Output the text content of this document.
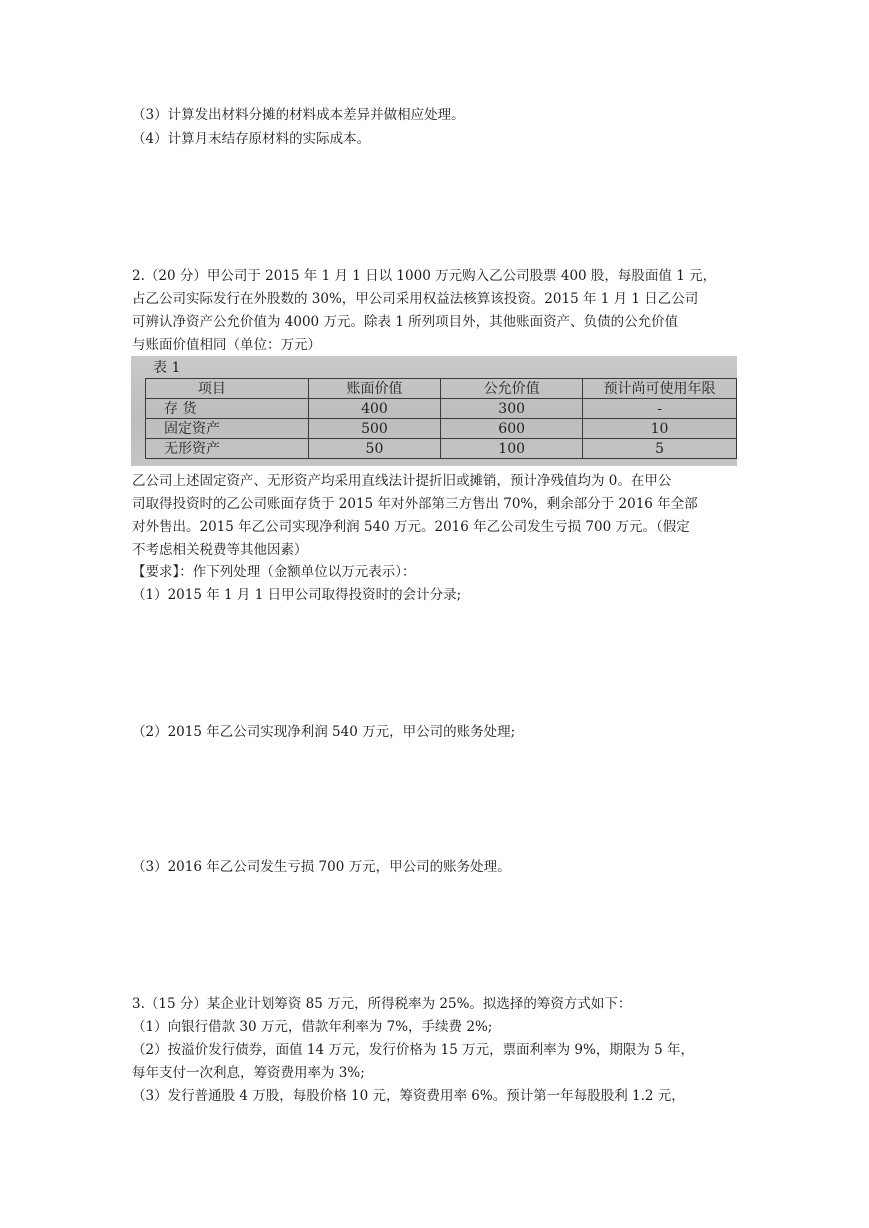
（3）计算发出材料分摊的材料成本差异并做相应处理。
（4）计算月末结存原材料的实际成本。
2.（20 分）甲公司于 2015 年 1 月 1 日以 1000 万元购入乙公司股票 400 股，每股面值 1 元，
占乙公司实际发行在外股数的 30%，甲公司采用权益法核算该投资。2015 年 1 月 1 日乙公司
可辨认净资产公允价值为 4000 万元。除表 1 所列项目外，其他账面资产、负债的公允价值
与账面价值相同（单位：万元）
表 1
项目	账面价值	公允价值	预计尚可使用年限
存 货	400	300	-
固定资产	500	600	10
无形资产	50	100	5
乙公司上述固定资产、无形资产均采用直线法计提折旧或摊销，预计净残值均为 0。在甲公
司取得投资时的乙公司账面存货于 2015 年对外部第三方售出 70%，剩余部分于 2016 年全部
对外售出。2015 年乙公司实现净利润 540 万元。2016 年乙公司发生亏损 700 万元。（假定
不考虑相关税费等其他因素）
【要求】：作下列处理（金额单位以万元表示）：
（1）2015 年 1 月 1 日甲公司取得投资时的会计分录;
（2）2015 年乙公司实现净利润 540 万元，甲公司的账务处理;
（3）2016 年乙公司发生亏损 700 万元，甲公司的账务处理。
3.（15 分）某企业计划筹资 85 万元，所得税率为 25%。拟选择的筹资方式如下：
（1）向银行借款 30 万元，借款年利率为 7%，手续费 2%;
（2）按溢价发行债券，面值 14 万元，发行价格为 15 万元，票面利率为 9%，期限为 5 年，
每年支付一次利息，筹资费用率为 3%;
（3）发行普通股 4 万股，每股价格 10 元，筹资费用率 6%。预计第一年每股股利 1.2 元，
